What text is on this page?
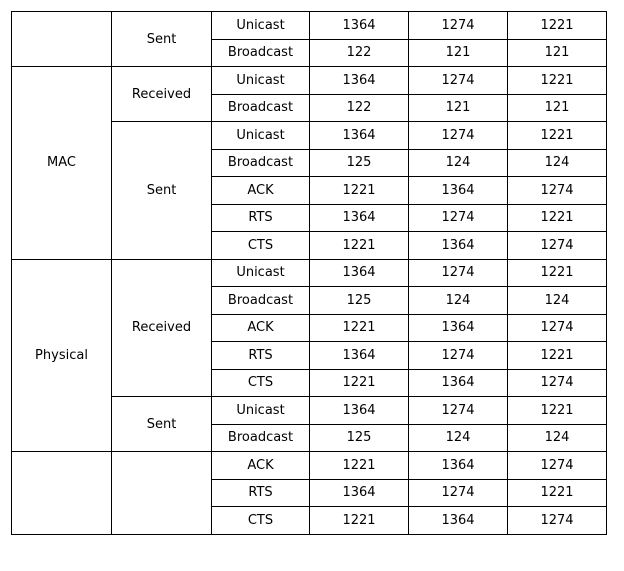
	Sent	Unicast	1364	1274	1221
		Broadcast	122	121	121
MAC	Received	Unicast	1364	1274	1221
		Broadcast	122	121	121
	Sent	Unicast	1364	1274	1221
		Broadcast	125	124	124
		ACK	1221	1364	1274
		RTS	1364	1274	1221
		CTS	1221	1364	1274
Physical	Received	Unicast	1364	1274	1221
		Broadcast	125	124	124
		ACK	1221	1364	1274
		RTS	1364	1274	1221
		CTS	1221	1364	1274
	Sent	Unicast	1364	1274	1221
		Broadcast	125	124	124
		ACK	1221	1364	1274
		RTS	1364	1274	1221
		CTS	1221	1364	1274
